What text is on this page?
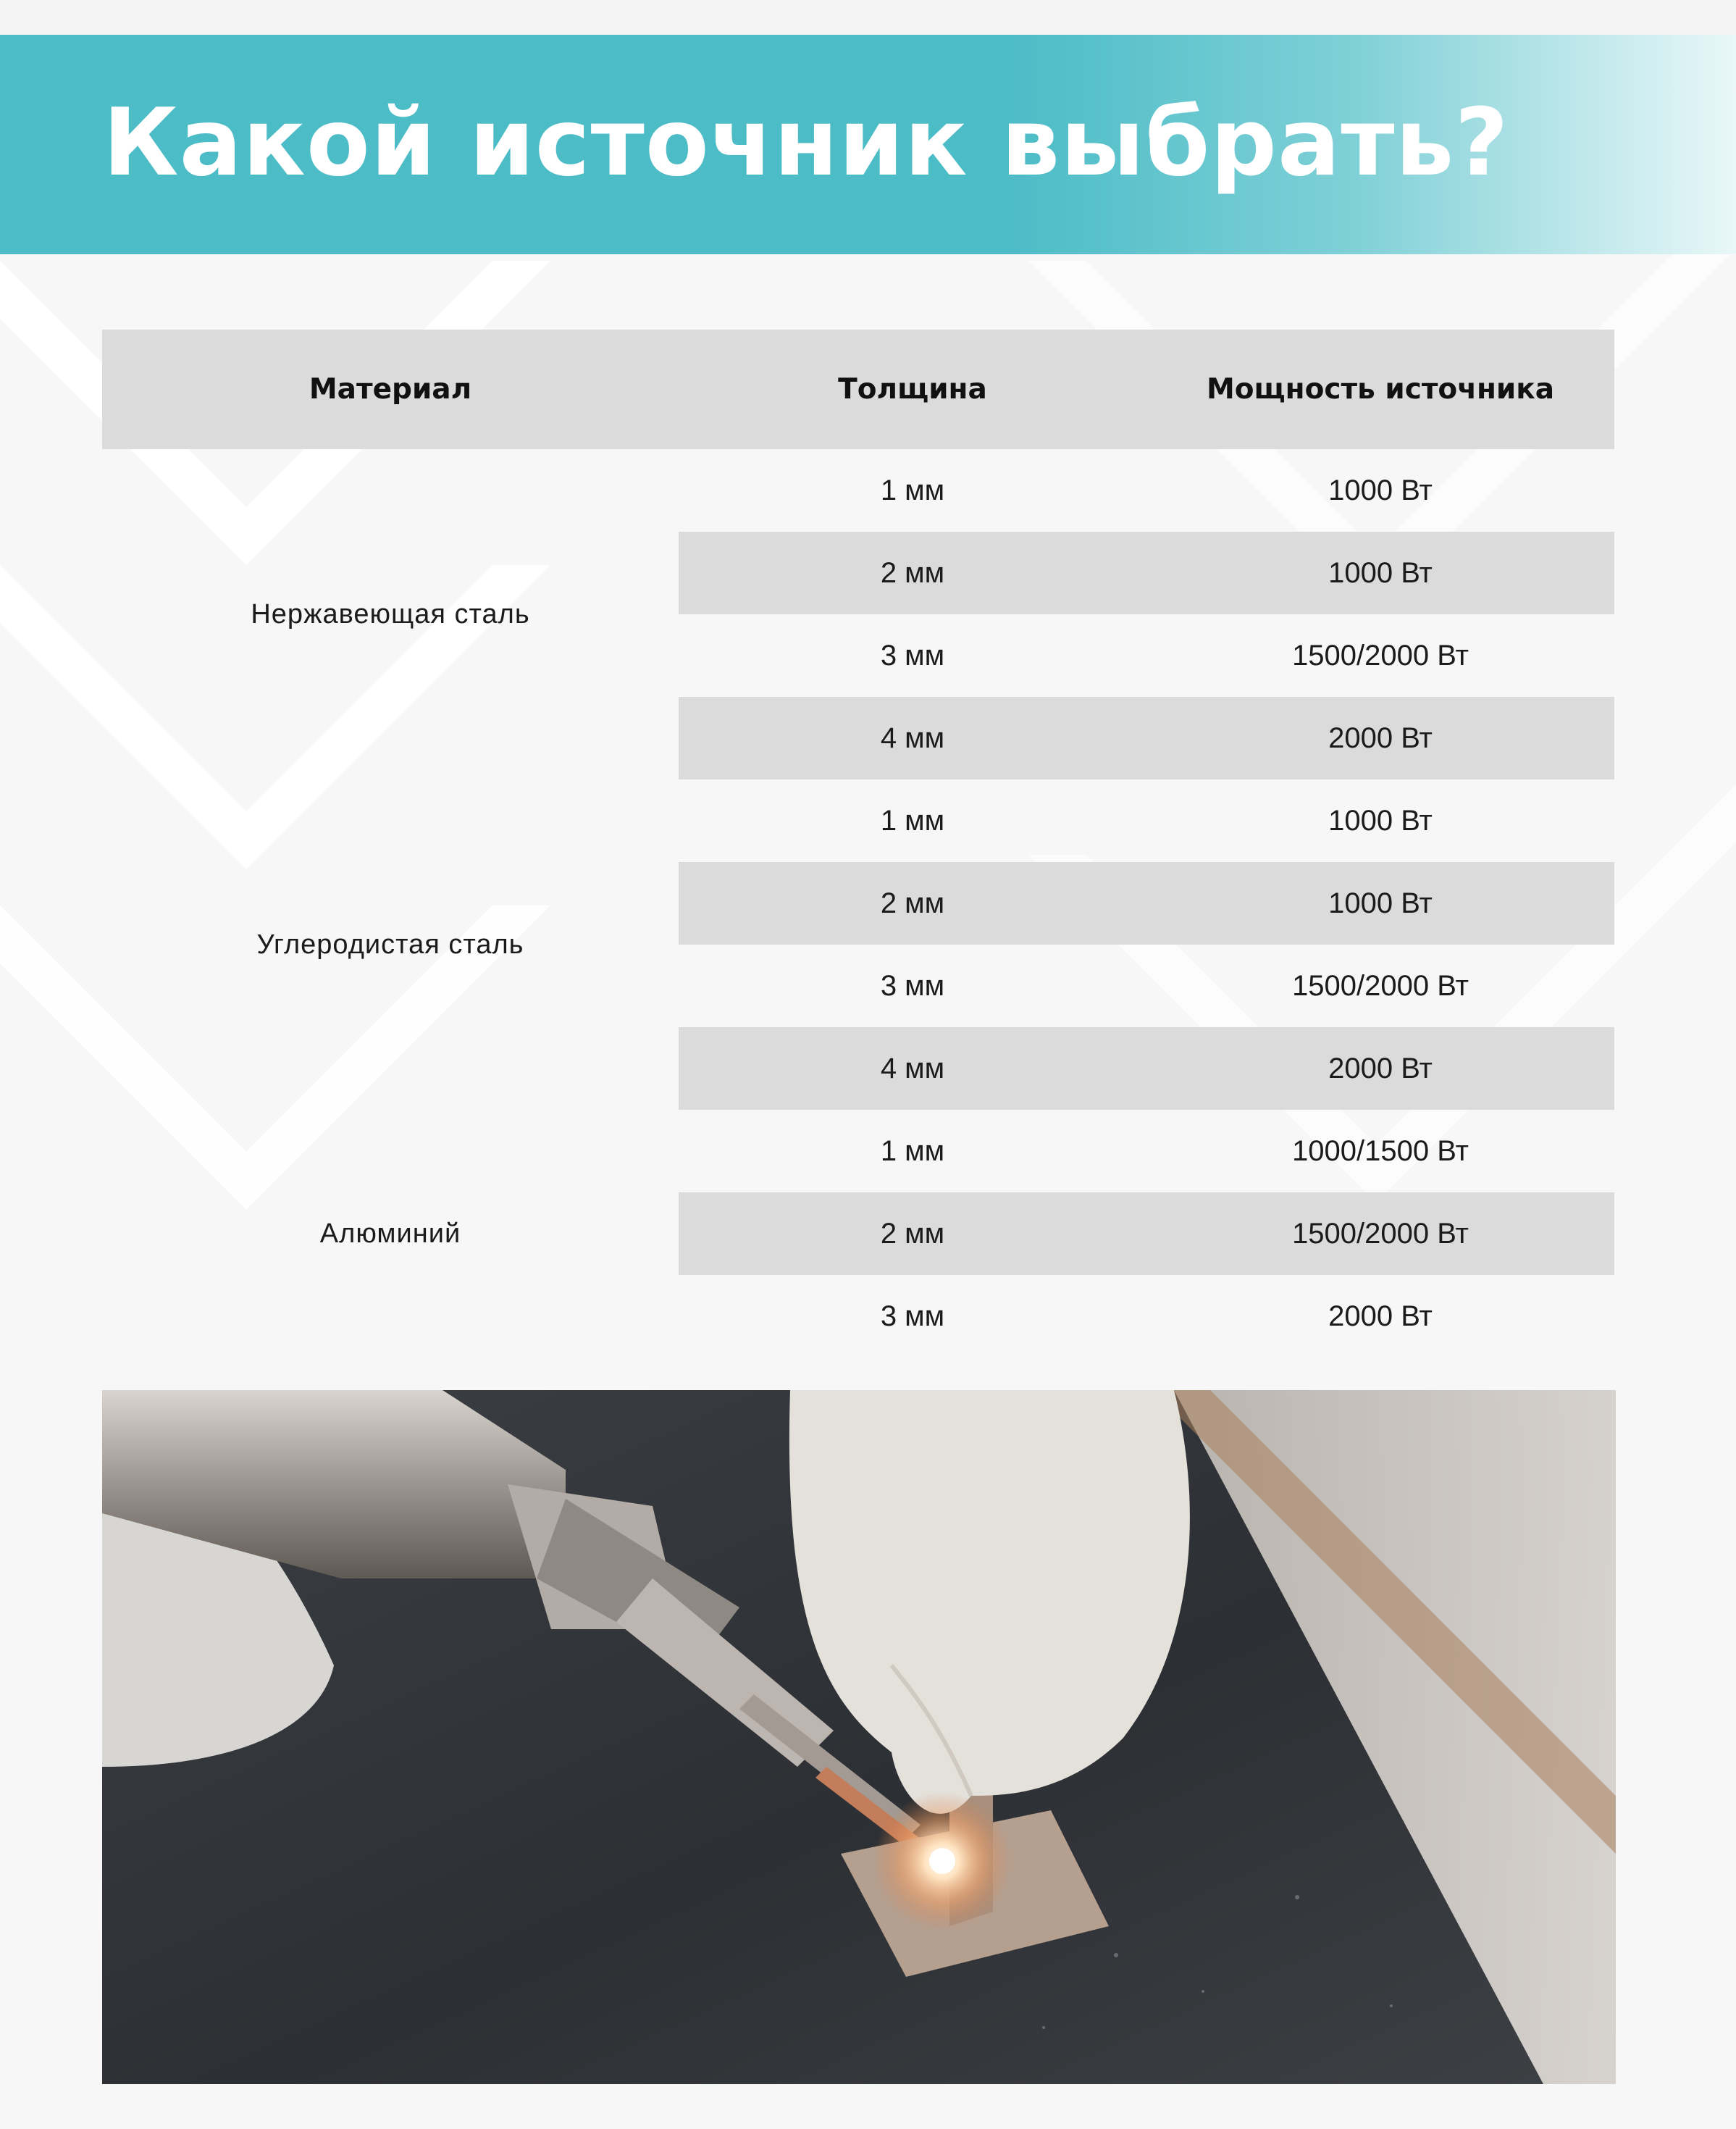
Какой источник выбрать?
Материал	Толщина	Мощность источника
Нержавеющая сталь
1 мм	1000 Вт
2 мм	1000 Вт
3 мм	1500/2000 Вт
4 мм	2000 Вт
Углеродистая сталь
1 мм	1000 Вт
2 мм	1000 Вт
3 мм	1500/2000 Вт
4 мм	2000 Вт
Алюминий
1 мм	1000/1500 Вт
2 мм	1500/2000 Вт
3 мм	2000 Вт
